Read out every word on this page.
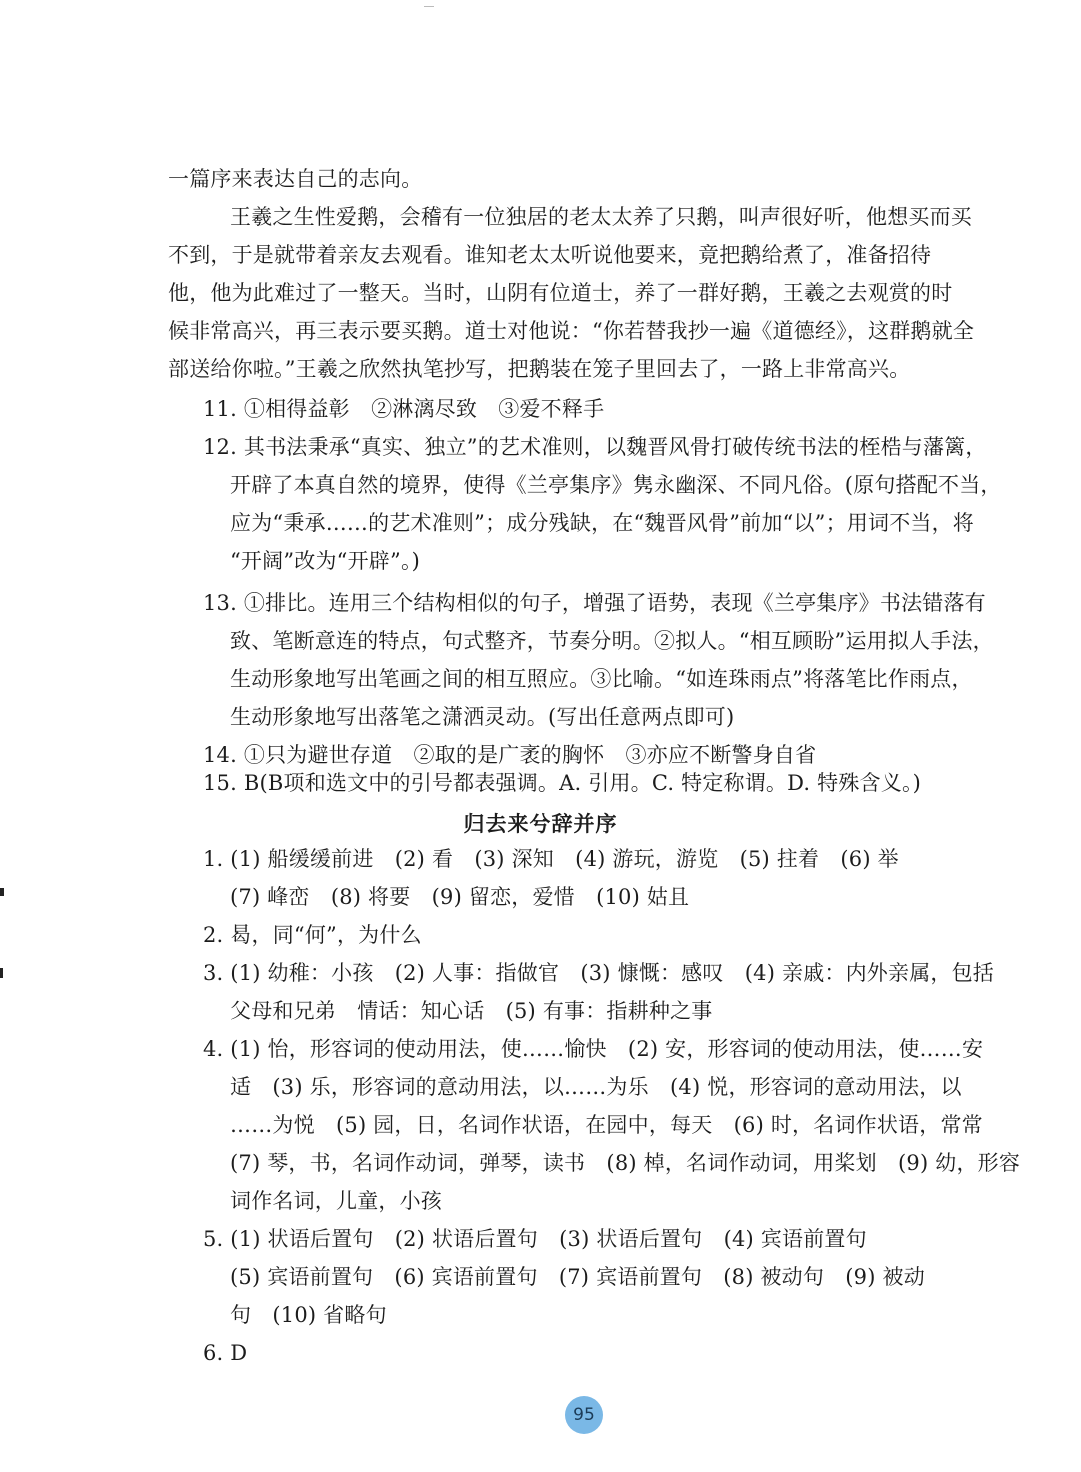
一篇序来表达自己的志向。
王羲之生性爱鹅，会稽有一位独居的老太太养了只鹅，叫声很好听，他想买而买
不到，于是就带着亲友去观看。谁知老太太听说他要来，竟把鹅给煮了，准备招待
他，他为此难过了一整天。当时，山阴有位道士，养了一群好鹅，王羲之去观赏的时
候非常高兴，再三表示要买鹅。道士对他说：“你若替我抄一遍《道德经》，这群鹅就全
部送给你啦。”王羲之欣然执笔抄写，把鹅装在笼子里回去了，一路上非常高兴。
11. ①相得益彰　②淋漓尽致　③爱不释手
12. 其书法秉承“真实、独立”的艺术准则，以魏晋风骨打破传统书法的桎梏与藩篱，
开辟了本真自然的境界，使得《兰亭集序》隽永幽深、不同凡俗。(原句搭配不当，
应为“秉承……的艺术准则”；成分残缺，在“魏晋风骨”前加“以”；用词不当，将
“开阔”改为“开辟”。)
13. ①排比。连用三个结构相似的句子，增强了语势，表现《兰亭集序》书法错落有
致、笔断意连的特点，句式整齐，节奏分明。②拟人。“相互顾盼”运用拟人手法，
生动形象地写出笔画之间的相互照应。③比喻。“如连珠雨点”将落笔比作雨点，
生动形象地写出落笔之潇洒灵动。(写出任意两点即可)
14. ①只为避世存道　②取的是广袤的胸怀　③亦应不断警身自省
15. B(B项和选文中的引号都表强调。A. 引用。C. 特定称谓。D. 特殊含义。)
归去来兮辞并序
1. (1) 船缓缓前进　(2) 看　(3) 深知　(4) 游玩，游览　(5) 拄着　(6) 举
(7) 峰峦　(8) 将要　(9) 留恋，爱惜　(10) 姑且
2. 曷，同“何”，为什么
3. (1) 幼稚：小孩　(2) 人事：指做官　(3) 慷慨：感叹　(4) 亲戚：内外亲属，包括
父母和兄弟　情话：知心话　(5) 有事：指耕种之事
4. (1) 怡，形容词的使动用法，使……愉快　(2) 安，形容词的使动用法，使……安
适　(3) 乐，形容词的意动用法，以……为乐　(4) 悦，形容词的意动用法，以
……为悦　(5) 园，日，名词作状语，在园中，每天　(6) 时，名词作状语，常常
(7) 琴，书，名词作动词，弹琴，读书　(8) 棹，名词作动词，用桨划　(9) 幼，形容
词作名词，儿童，小孩
5. (1) 状语后置句　(2) 状语后置句　(3) 状语后置句　(4) 宾语前置句
(5) 宾语前置句　(6) 宾语前置句　(7) 宾语前置句　(8) 被动句　(9) 被动
句　(10) 省略句
6. D
95
